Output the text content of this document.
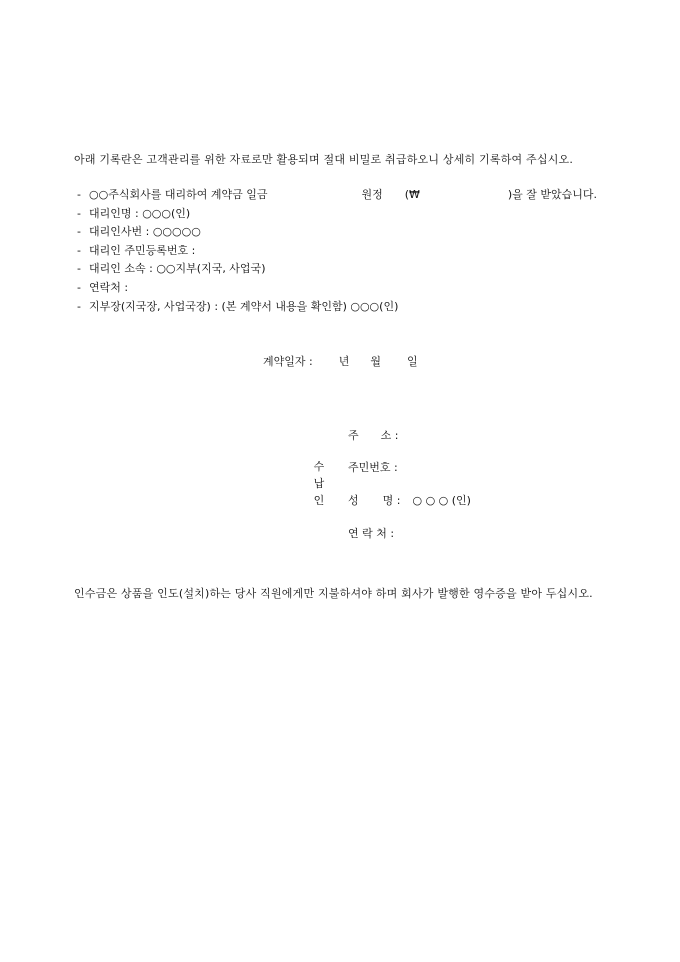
아래 기록란은 고객관리를 위한 자료로만 활용되며 절대 비밀로 취급하오니 상세히 기록하여 주십시오.
- ○○주식회사를 대리하여 계약금 일금	원정 (₩	)을 잘 받았습니다.
- 대리인명 : ○○○(인)
- 대리인사번 : ○○○○○
- 대리인 주민등록번호 :
- 대리인 소속 : ○○지부(지국, 사업국)
- 연락처 :
- 지부장(지국장, 사업국장) : (본 계약서 내용을 확인함) ○○○(인)
계약일자 : 년 월 일
주 소 :
수
납
인
주민번호 :
성 명 : ○ ○ ○ (인)
연 락 처 :
인수금은 상품을 인도(설치)하는 당사 직원에게만 지불하셔야 하며 회사가 발행한 영수증을 받아 두십시오.
